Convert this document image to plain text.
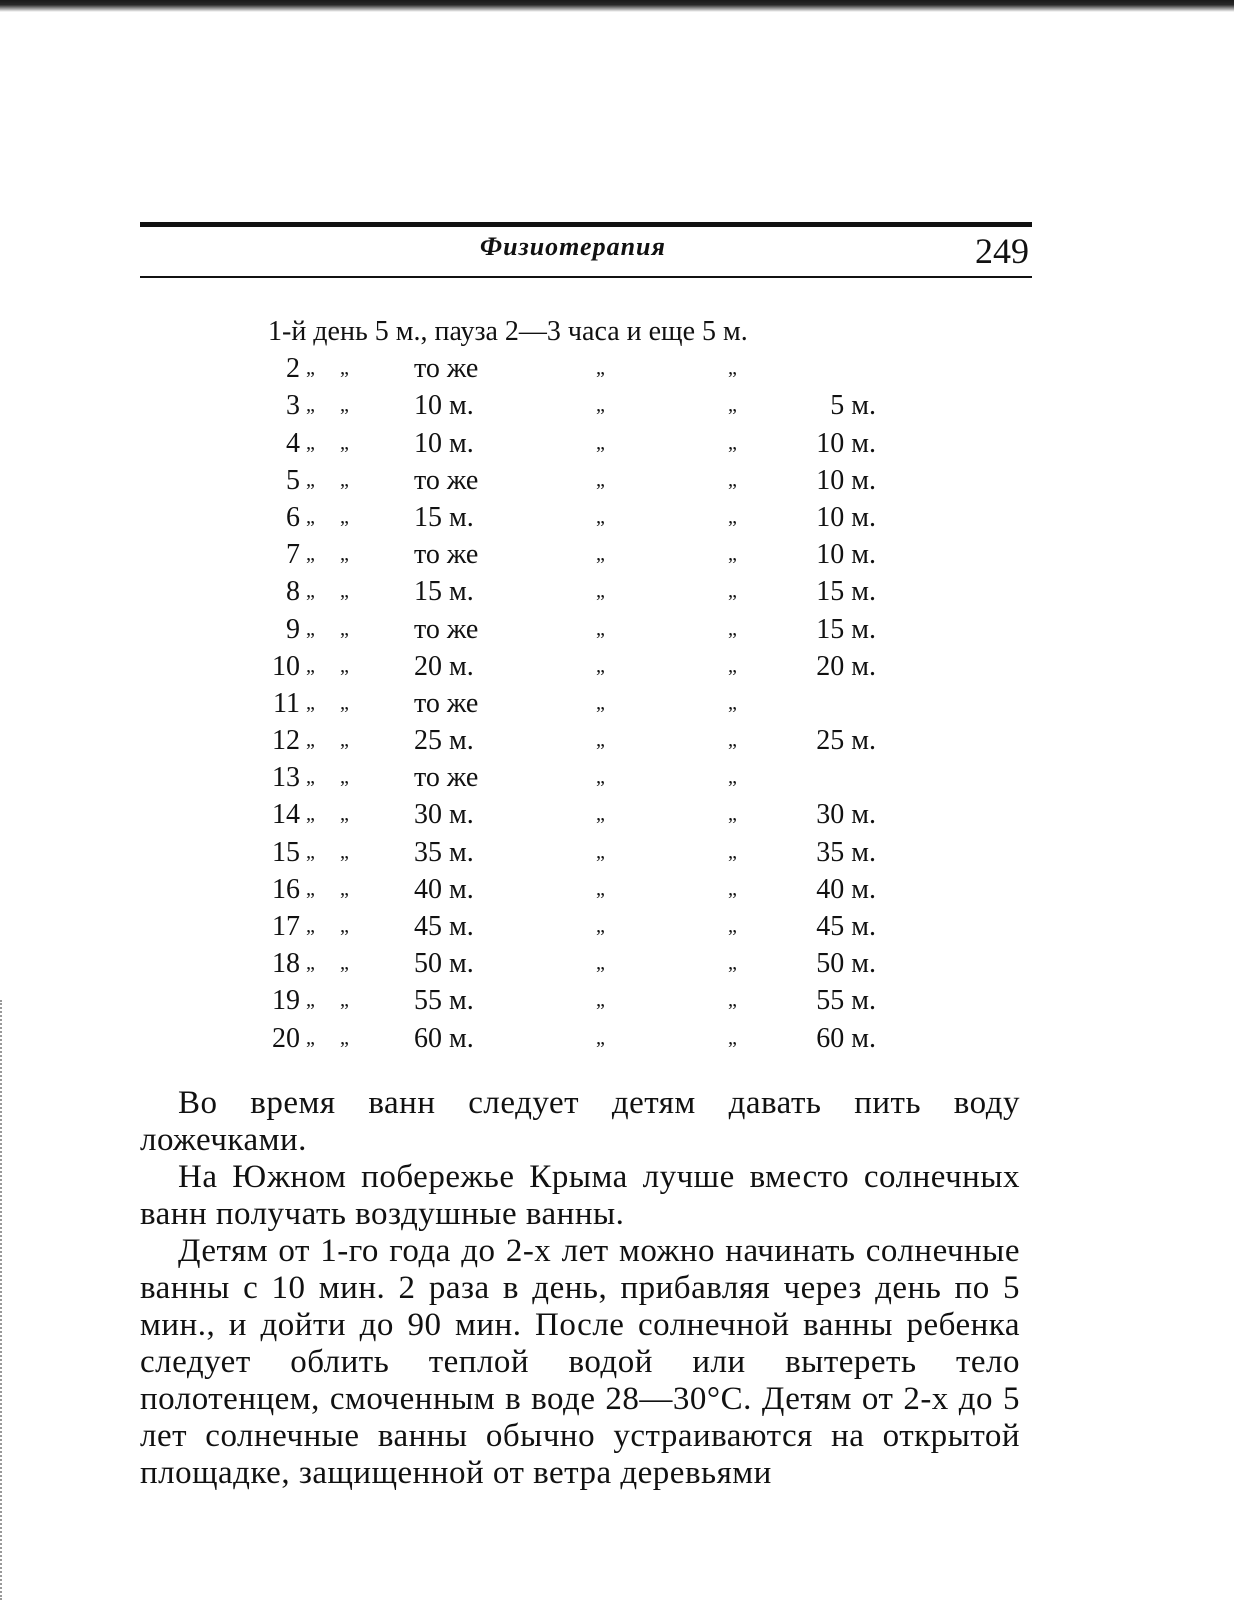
Физиотерапия	249
1-й день 5 м., пауза 2—3 часа и еще 5 м.
2 „ „ то же	„	„
3 „ „ 10 м.	„	„	5 м.
4 „ „ 10 м.	„	„	10 м.
5 „ „ то же	„	„	10 м.
6 „ „ 15 м.	„	„	10 м.
7 „ „ то же	„	„	10 м.
8 „ „ 15 м.	„	„	15 м.
9 „ „ то же	„	„	15 м.
10 „ „ 20 м.	„	„	20 м.
11 „ „ то же	„	„
12 „ „ 25 м.	„	„	25 м.
13 „ „ то же	„	„
14 „ „ 30 м.	„	„	30 м.
15 „ „ 35 м.	„	„	35 м.
16 „ „ 40 м.	„	„	40 м.
17 „ „ 45 м.	„	„	45 м.
18 „ „ 50 м.	„	„	50 м.
19 „ „ 55 м.	„	„	55 м.
20 „ „ 60 м.	„	„	60 м.

Во время ванн следует детям давать пить воду ложечками.

На Южном побережье Крыма лучше вместо солнечных ванн получать воздушные ванны.

Детям от 1-го года до 2-х лет можно начинать солнечные ванны с 10 мин. 2 раза в день, прибавляя через день по 5 мин., и дойти до 90 мин. После солнечной ванны ребенка следует облить теплой водой или вытереть тело полотенцем, смоченным в воде 28—30°С. Детям от 2-х до 5 лет солнечные ванны обычно устраиваются на открытой площадке, защищенной от ветра деревьями
